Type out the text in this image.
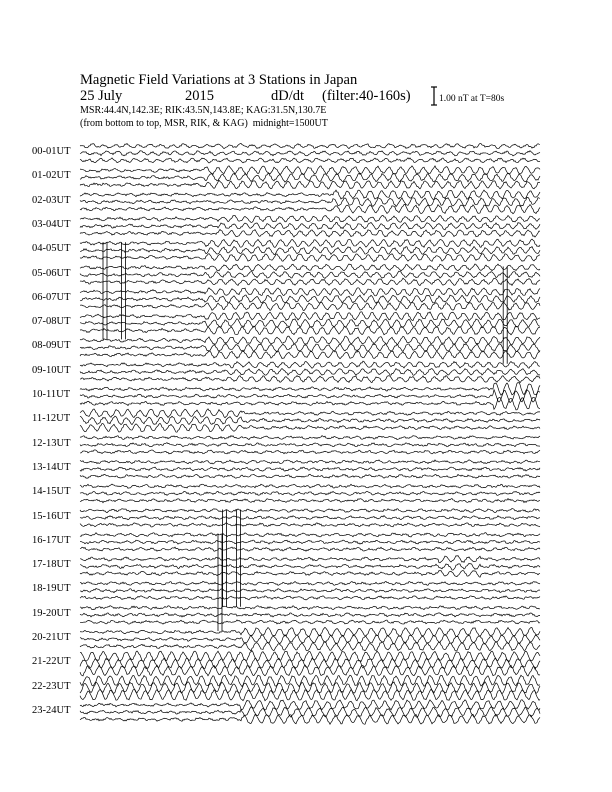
Magnetic Field Variations at 3 Stations in Japan
25 July	2015	dD/dt (filter:40-160s)
MSR:44.4N,142.3E; RIK:43.5N,143.8E; KAG:31.5N,130.7E
(from bottom to top, MSR, RIK, & KAG) midnight=1500UT
1.00 nT at T=80s
00-01UT
01-02UT
02-03UT
03-04UT
04-05UT
05-06UT
06-07UT
07-08UT
08-09UT
09-10UT
10-11UT
11-12UT
12-13UT
13-14UT
14-15UT
15-16UT
16-17UT
17-18UT
18-19UT
19-20UT
20-21UT
21-22UT
22-23UT
23-24UT
